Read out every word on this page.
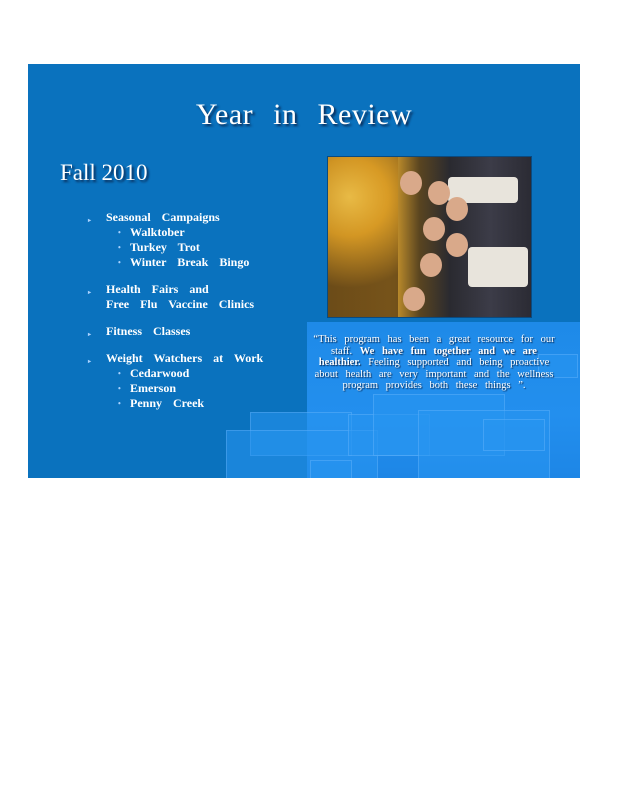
Year in Review
Fall 2010
▸ Seasonal Campaigns
• Walktober
• Turkey Trot
• Winter Break Bingo
▸ Health Fairs and
Free Flu Vaccine Clinics
▸ Fitness Classes
▸ Weight Watchers at Work
• Cedarwood
• Emerson
• Penny Creek
“This program has been a great resource for our staff. We have fun together and we are healthier. Feeling supported and being proactive about health are very important and the wellness program provides both these things ”.
